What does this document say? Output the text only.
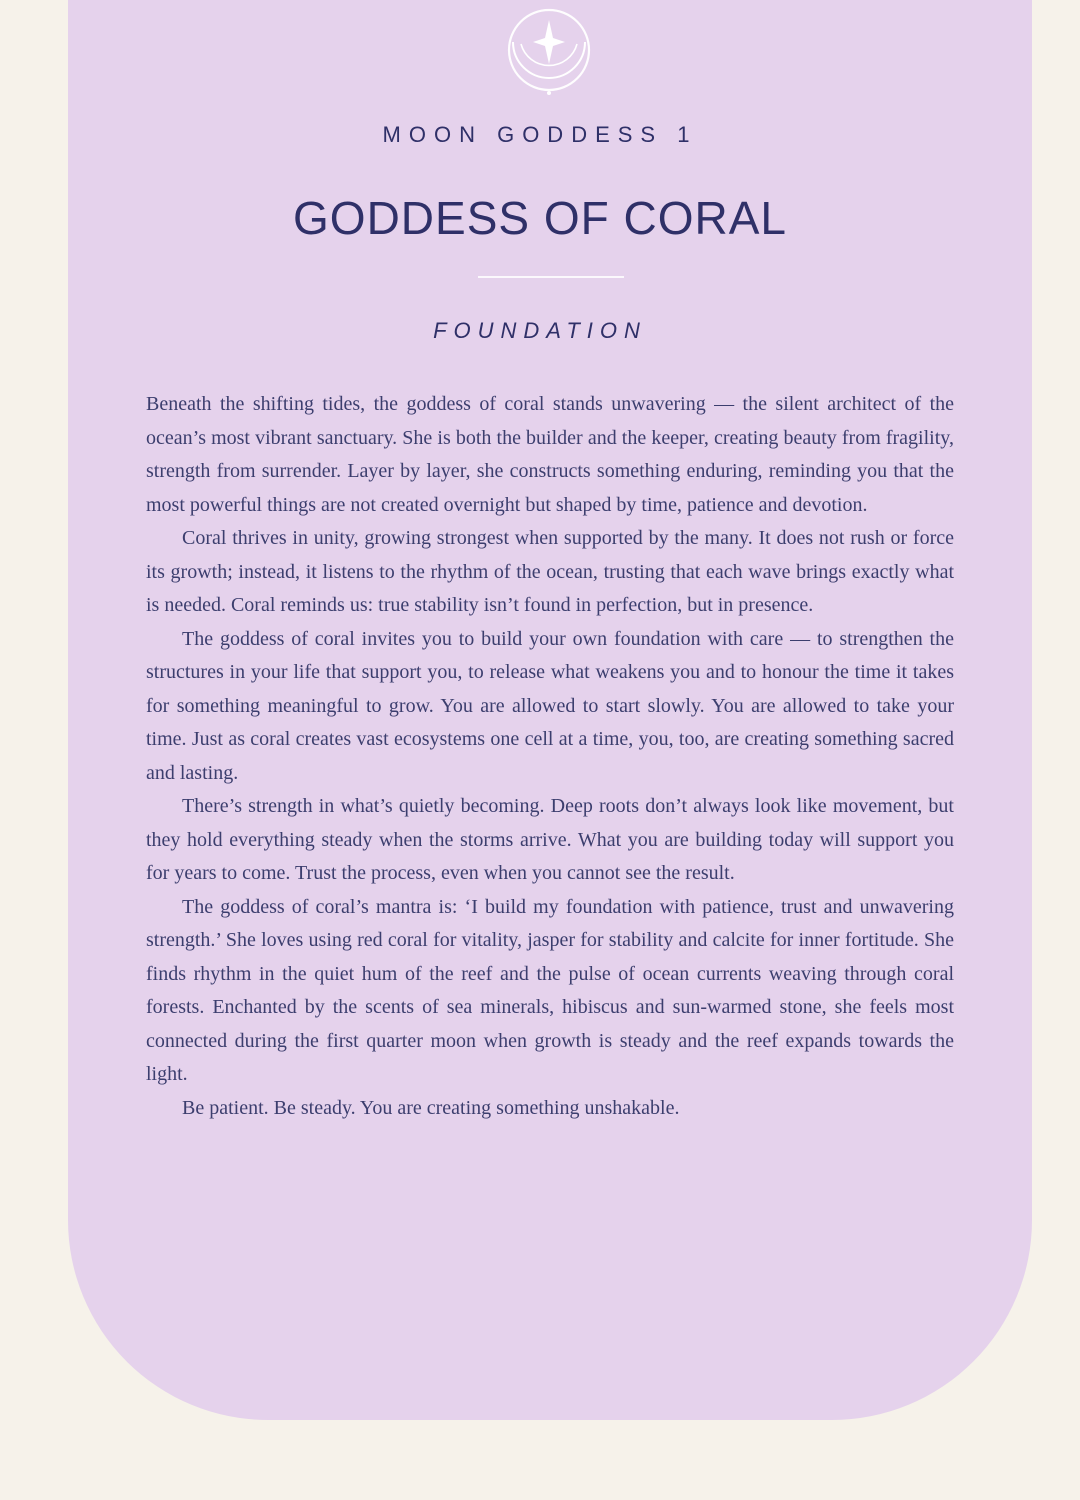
MOON GODDESS 1
GODDESS OF CORAL
FOUNDATION

Beneath the shifting tides, the goddess of coral stands unwavering — the silent architect of the ocean’s most vibrant sanctuary. She is both the builder and the keeper, creating beauty from fragility, strength from surrender. Layer by layer, she constructs something enduring, reminding you that the most powerful things are not created overnight but shaped by time, patience and devotion.

Coral thrives in unity, growing strongest when supported by the many. It does not rush or force its growth; instead, it listens to the rhythm of the ocean, trusting that each wave brings exactly what is needed. Coral reminds us: true stability isn’t found in perfection, but in presence.

The goddess of coral invites you to build your own foundation with care — to strengthen the structures in your life that support you, to release what weakens you and to honour the time it takes for something meaningful to grow. You are allowed to start slowly. You are allowed to take your time. Just as coral creates vast ecosystems one cell at a time, you, too, are creating something sacred and lasting.

There’s strength in what’s quietly becoming. Deep roots don’t always look like movement, but they hold everything steady when the storms arrive. What you are building today will support you for years to come. Trust the process, even when you cannot see the result.

The goddess of coral’s mantra is: ‘I build my foundation with patience, trust and unwavering strength.’ She loves using red coral for vitality, jasper for stability and calcite for inner fortitude. She finds rhythm in the quiet hum of the reef and the pulse of ocean currents weaving through coral forests. Enchanted by the scents of sea minerals, hibiscus and sun-warmed stone, she feels most connected during the first quarter moon when growth is steady and the reef expands towards the light.

Be patient. Be steady. You are creating something unshakable.
